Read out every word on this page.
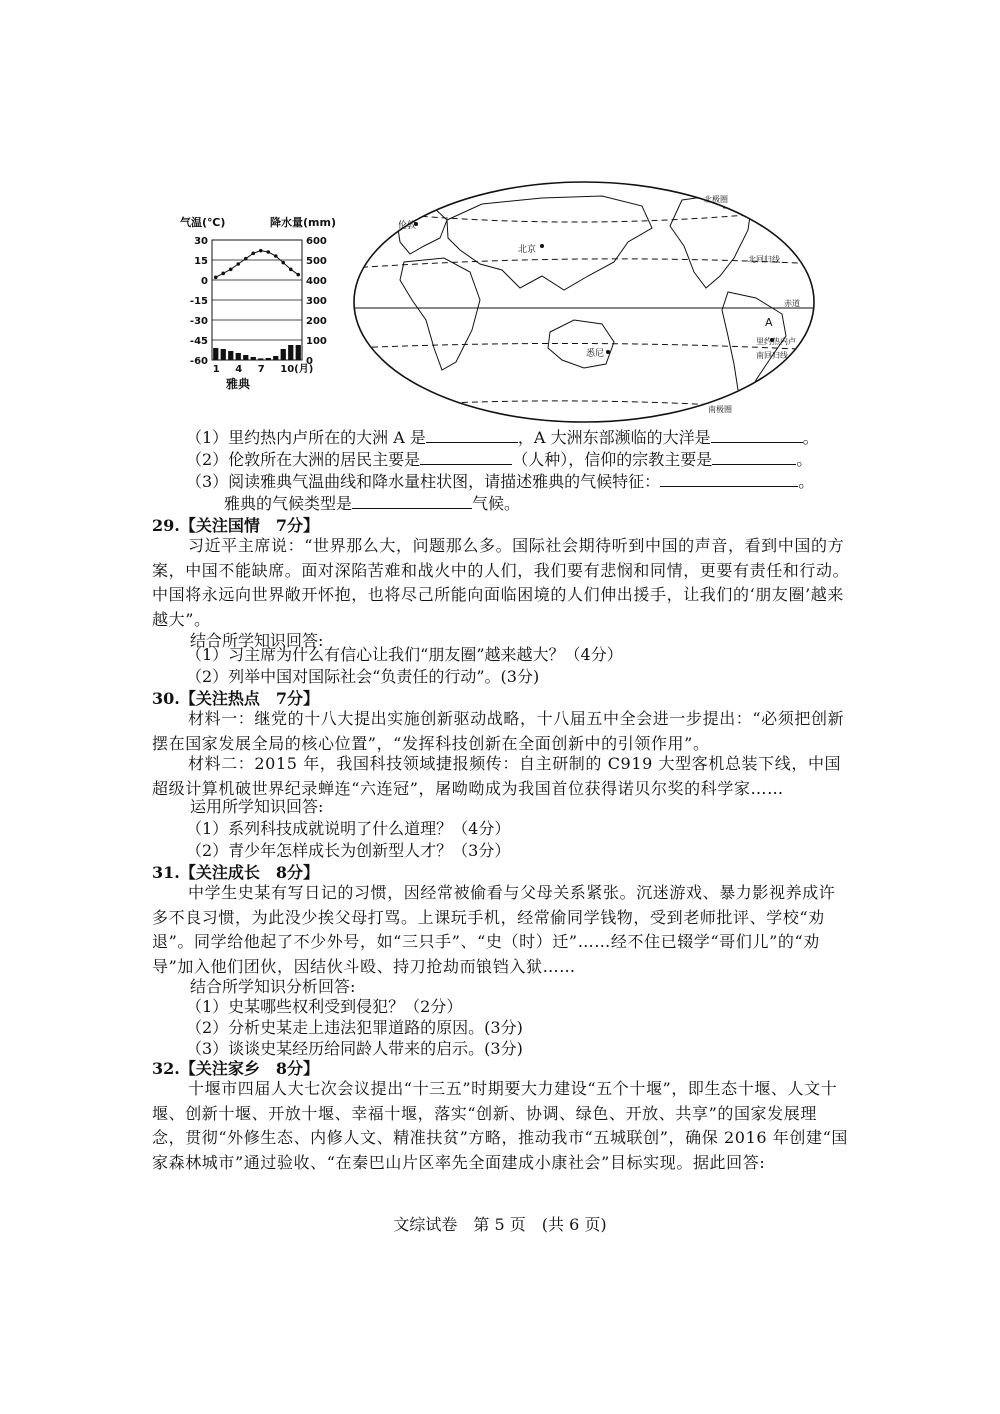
气温(℃)	降水量(mm)
30
15
0
-15
-30
-45
-60
600
500
400
300
200
100
0
1 4 7 10(月)
雅典
伦敦
北京
悉尼
里约热内卢
A
北极圈
北回归线
赤道
南回归线
南极圈
（1）里约热内卢所在的大洲 A 是	，A 大洲东部濒临的大洋是	。
（2）伦敦所在大洲的居民主要是	（人种），信仰的宗教主要是	。
（3）阅读雅典气温曲线和降水量柱状图，请描述雅典的气候特征：	。
雅典的气候类型是	气候。
29.【关注国情　7分】
习近平主席说：“世界那么大，问题那么多。国际社会期待听到中国的声音，看到中国的方案，中国不能缺席。面对深陷苦难和战火中的人们，我们要有悲悯和同情，更要有责任和行动。中国将永远向世界敞开怀抱，也将尽己所能向面临困境的人们伸出援手，让我们的‘朋友圈’越来越大”。
结合所学知识回答:
（1）习主席为什么有信心让我们“朋友圈”越来越大？（4分）
（2）列举中国对国际社会“负责任的行动”。(3分)
30.【关注热点　7分】
材料一：继党的十八大提出实施创新驱动战略，十八届五中全会进一步提出：“必须把创新摆在国家发展全局的核心位置”，“发挥科技创新在全面创新中的引领作用”。
材料二：2015 年，我国科技领域捷报频传：自主研制的 C919 大型客机总装下线，中国超级计算机破世界纪录蝉连“六连冠”，屠呦呦成为我国首位获得诺贝尔奖的科学家……
运用所学知识回答:
（1）系列科技成就说明了什么道理？（4分）
（2）青少年怎样成长为创新型人才？（3分）
31.【关注成长　8分】
中学生史某有写日记的习惯，因经常被偷看与父母关系紧张。沉迷游戏、暴力影视养成许多不良习惯，为此没少挨父母打骂。上课玩手机，经常偷同学钱物，受到老师批评、学校“劝退”。同学给他起了不少外号，如“三只手”、“史（时）迁”……经不住已辍学“哥们儿”的“劝导”加入他们团伙，因结伙斗殴、持刀抢劫而锒铛入狱……
结合所学知识分析回答:
（1）史某哪些权利受到侵犯？（2分）
（2）分析史某走上违法犯罪道路的原因。(3分)
（3）谈谈史某经历给同龄人带来的启示。(3分)
32.【关注家乡　8分】
十堰市四届人大七次会议提出“十三五”时期要大力建设“五个十堰”，即生态十堰、人文十堰、创新十堰、开放十堰、幸福十堰，落实“创新、协调、绿色、开放、共享”的国家发展理念，贯彻“外修生态、内修人文、精准扶贫”方略，推动我市“五城联创”，确保 2016 年创建“国家森林城市”通过验收、“在秦巴山片区率先全面建成小康社会”目标实现。据此回答:
文综试卷　第 5 页　(共 6 页)
